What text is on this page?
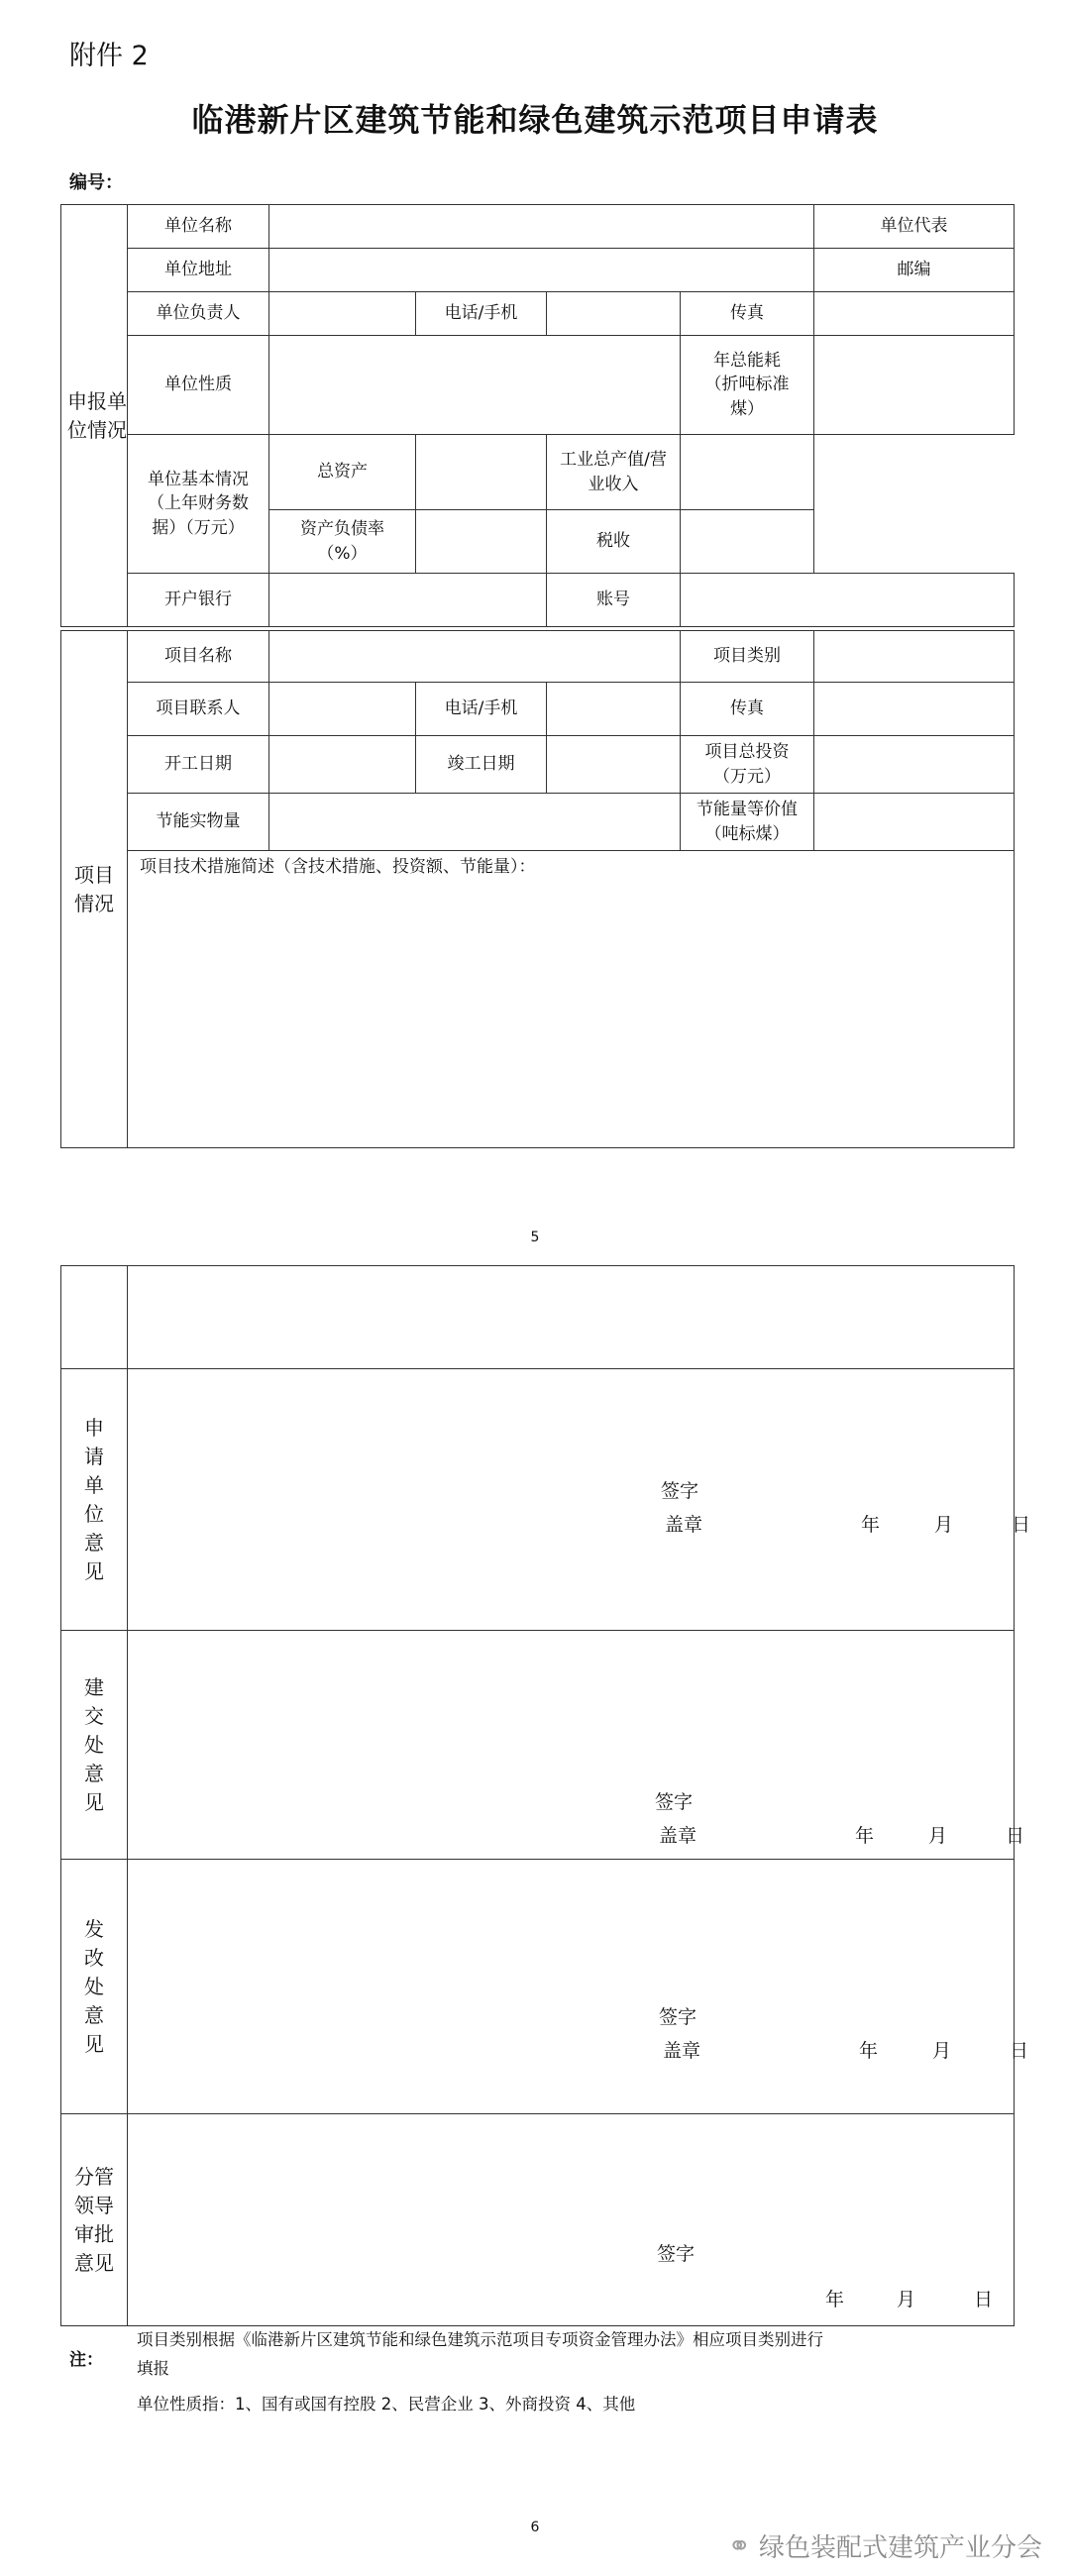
附件 2
临港新片区建筑节能和绿色建筑示范项目申请表
编号：
申报单位情况	单位名称					单位代表
	单位地址					邮编
	单位负责人		电话/手机		传真	
	单位性质				年总能耗（折吨标准煤）	
	单位基本情况（上年财务数据）（万元）	总资产		工业总产值/营业收入		
		资产负债率（%）		税收		
	开户银行			账号		
项目情况	项目名称				项目类别	
	项目联系人		电话/手机		传真	
	开工日期		竣工日期		项目总投资（万元）	
	节能实物量				节能量等价值（吨标煤）	
	项目技术措施简述（含技术措施、投资额、节能量）：					
5

申请单位意见	签字
盖章 年 月 日

建交处意见	签字
盖章 年 月 日

发改处意见	签字
盖章 年 月 日

分管领导审批意见	签字
年 月 日
注：
项目类别根据《临港新片区建筑节能和绿色建筑示范项目专项资金管理办法》相应项目类别进行填报
单位性质指：1、国有或国有控股 2、民营企业 3、外商投资 4、其他
6
⚭ 绿色装配式建筑产业分会
